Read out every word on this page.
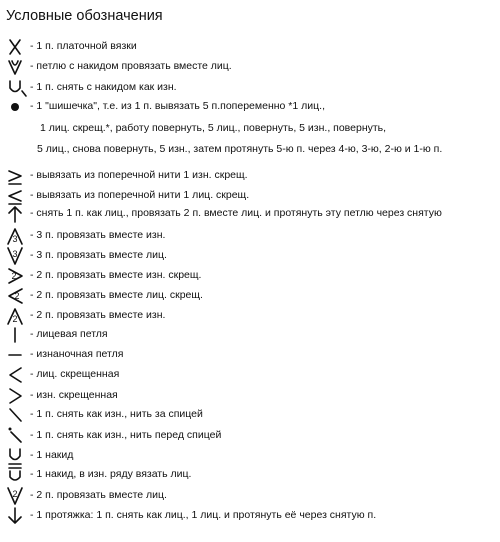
Условные обозначения
- 1 п. платочной вязки
- петлю с накидом провязать вместе лиц.
- 1 п. снять с накидом как изн.
- 1 "шишечка", т.е. из 1 п. вывязать 5 п.попеременно *1 лиц.,
1 лиц. скрещ.*, работу повернуть, 5 лиц., повернуть, 5 изн., повернуть,
5 лиц., снова повернуть, 5 изн., затем протянуть 5-ю п. через 4-ю, 3-ю, 2-ю и 1-ю п.
- вывязать из поперечной нити 1 изн. скрещ.
- вывязать из поперечной нити 1 лиц. скрещ.
- снять 1 п. как лиц., провязать 2 п. вместе лиц. и протянуть эту петлю через снятую
3 - 3 п. провязать вместе изн.
3 - 3 п. провязать вместе лиц.
2 - 2 п. провязать вместе изн. скрещ.
2 - 2 п. провязать вместе лиц. скрещ.
2 - 2 п. провязать вместе изн.
- лицевая петля
- изнаночная петля
- лиц. скрещенная
- изн. скрещенная
- 1 п. снять как изн., нить за спицей
- 1 п. снять как изн., нить перед спицей
- 1 накид
- 1 накид, в изн. ряду вязать лиц.
2 - 2 п. провязать вместе лиц.
- 1 протяжка: 1 п. снять как лиц., 1 лиц. и протянуть её через снятую п.
